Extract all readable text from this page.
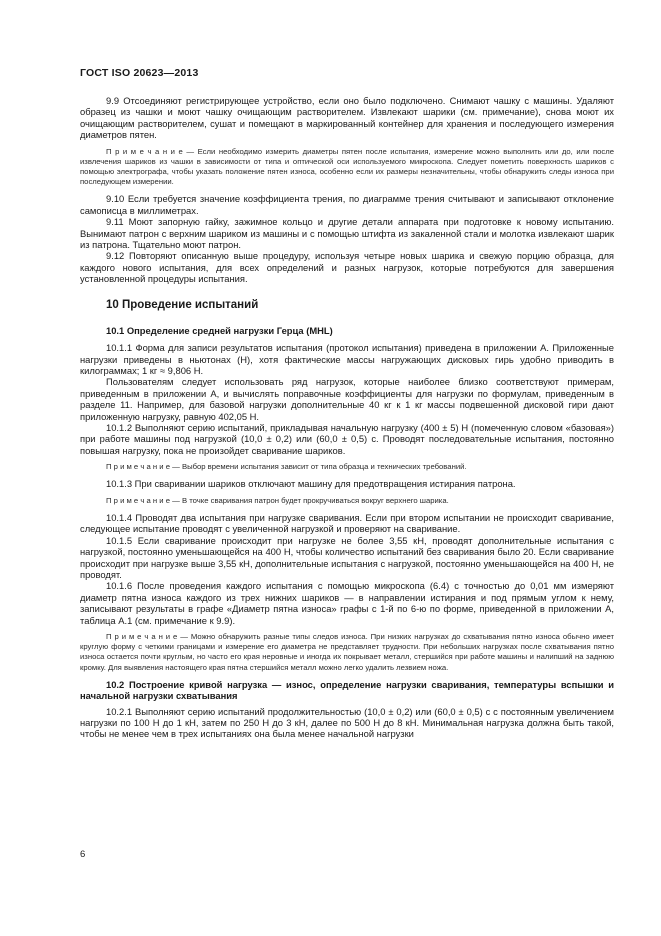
ГОСТ ISO 20623—2013

9.9 Отсоединяют регистрирующее устройство, если оно было подключено. Снимают чашку с машины. Удаляют образец из чашки и моют чашку очищающим растворителем. Извлекают шарики (см. примечание), снова моют их очищающим растворителем, сушат и помещают в маркированный контейнер для хранения и последующего измерения диаметров пятен.

П р и м е ч а н и е — Если необходимо измерить диаметры пятен после испытания, измерение можно выполнить или до, или после извлечения шариков из чашки в зависимости от типа и оптической оси используемого микроскопа. Следует пометить поверхность шариков с помощью электрографа, чтобы указать положение пятен износа, особенно если их размеры незначительны, чтобы обнаружить следы износа при последующем измерении.

9.10 Если требуется значение коэффициента трения, по диаграмме трения считывают и записывают отклонение самописца в миллиметрах.

9.11 Моют запорную гайку, зажимное кольцо и другие детали аппарата при подготовке к новому испытанию. Вынимают патрон с верхним шариком из машины и с помощью штифта из закаленной стали и молотка извлекают шарик из патрона. Тщательно моют патрон.

9.12 Повторяют описанную выше процедуру, используя четыре новых шарика и свежую порцию образца, для каждого нового испытания, для всех определений и разных нагрузок, которые потребуются для завершения установленной процедуры испытания.

10 Проведение испытаний
10.1 Определение средней нагрузки Герца (MHL)

10.1.1 Форма для записи результатов испытания (протокол испытания) приведена в приложении А. Приложенные нагрузки приведены в ньютонах (Н), хотя фактические массы нагружающих дисковых гирь удобно приводить в килограммах; 1 кг ≈ 9,806 Н.

Пользователям следует использовать ряд нагрузок, которые наиболее близко соответствуют примерам, приведенным в приложении А, и вычислять поправочные коэффициенты для нагрузки по формулам, приведенным в разделе 11. Например, для базовой нагрузки дополнительные 40 кг к 1 кг массы подвешенной дисковой гири дают приложенную нагрузку, равную 402,05 Н.

10.1.2 Выполняют серию испытаний, прикладывая начальную нагрузку (400 ± 5) Н (помеченную словом «базовая») при работе машины под нагрузкой (10,0 ± 0,2) или (60,0 ± 0,5) с. Проводят последовательные испытания, постоянно повышая нагрузку, пока не произойдет сваривание шариков.

П р и м е ч а н и е — Выбор времени испытания зависит от типа образца и технических требований.

10.1.3 При сваривании шариков отключают машину для предотвращения истирания патрона.

П р и м е ч а н и е — В точке сваривания патрон будет прокручиваться вокруг верхнего шарика.

10.1.4 Проводят два испытания при нагрузке сваривания. Если при втором испытании не происходит сваривание, следующее испытание проводят с увеличенной нагрузкой и проверяют на сваривание.

10.1.5 Если сваривание происходит при нагрузке не более 3,55 кН, проводят дополнительные испытания с нагрузкой, постоянно уменьшающейся на 400 Н, чтобы количество испытаний без сваривания было 20. Если сваривание происходит при нагрузке выше 3,55 кН, дополнительные испытания с нагрузкой, постоянно уменьшающейся на 400 Н, не проводят.

10.1.6 После проведения каждого испытания с помощью микроскопа (6.4) с точностью до 0,01 мм измеряют диаметр пятна износа каждого из трех нижних шариков — в направлении истирания и под прямым углом к нему, записывают результаты в графе «Диаметр пятна износа» графы с 1-й по 6-ю по форме, приведенной в приложении А, таблица А.1 (см. примечание к 9.9).

П р и м е ч а н и е — Можно обнаружить разные типы следов износа. При низких нагрузках до схватывания пятно износа обычно имеет круглую форму с четкими границами и измерение его диаметра не представляет трудности. При небольших нагрузках после схватывания пятно износа остается почти круглым, но часто его края неровные и иногда их покрывает металл, стершийся при работе машины и налипший на заднюю кромку. Для выявления настоящего края пятна стершийся металл можно легко удалить лезвием ножа.

10.2 Построение кривой нагрузка — износ, определение нагрузки сваривания, температуры вспышки и начальной нагрузки схватывания

10.2.1 Выполняют серию испытаний продолжительностью (10,0 ± 0,2) или (60,0 ± 0,5) с с постоянным увеличением нагрузки по 100 Н до 1 кН, затем по 250 Н до 3 кН, далее по 500 Н до 8 кН. Минимальная нагрузка должна быть такой, чтобы не менее чем в трех испытаниях она была менее начальной нагрузки

6
